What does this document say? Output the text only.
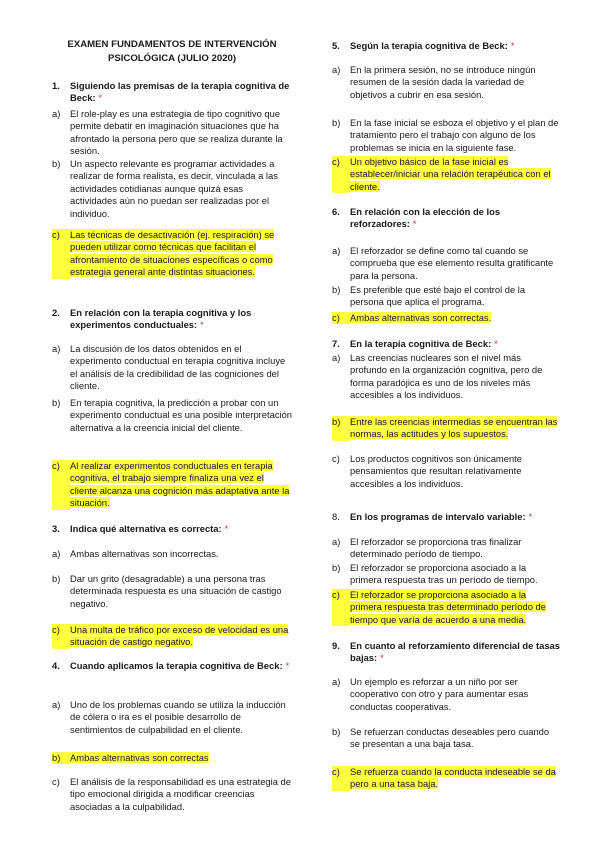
EXAMEN FUNDAMENTOS DE INTERVENCIÓN
PSICOLÓGICA (JULIO 2020)
1.	Siguiendo las premisas de la terapia cognitiva de Beck: *
a)	El role-play es una estrategia de tipo cognitivo que permite debatir en imaginación situaciones que ha afrontado la persona pero que se realiza durante la sesión.
b)	Un aspecto relevante es programar actividades a realizar de forma realista, es decir, vinculada a las actividades cotidianas aunque quizá esas actividades aún no puedan ser realizadas por el individuo.
c)	Las técnicas de desactivación (ej. respiración) se pueden utilizar como técnicas que facilitan el afrontamiento de situaciones específicas o como estrategia general ante distintas situaciones.
2.	En relación con la terapia cognitiva y los experimentos conductuales: *
a)	La discusión de los datos obtenidos en el experimento conductual en terapia cognitiva incluye el análisis de la credibilidad de las cogniciones del cliente.
b)	En terapia cognitiva, la predicción a probar con un experimento conductual es una posible interpretación alternativa a la creencia inicial del cliente.
c)	Al realizar experimentos conductuales en terapia cognitiva, el trabajo siempre finaliza una vez el cliente alcanza una cognición más adaptativa ante la situación.
3.	Indica qué alternativa es correcta: *
a)	Ambas alternativas son incorrectas.
b)	Dar un grito (desagradable) a una persona tras determinada respuesta es una situación de castigo negativo.
c)	Una multa de tráfico por exceso de velocidad es una situación de castigo negativo.
4.	Cuando aplicamos la terapia cognitiva de Beck: *
a)	Uno de los problemas cuando se utiliza la inducción de cólera o ira es el posible desarrollo de sentimientos de culpabilidad en el cliente.
b)	Ambas alternativas son correctas
c)	El análisis de la responsabilidad es una estrategia de tipo emocional dirigida a modificar creencias asociadas a la culpabilidad.
5.	Según la terapia cognitiva de Beck: *
a)	En la primera sesión, no se introduce ningún resumen de la sesión dada la variedad de objetivos a cubrir en esa sesión.
b)	En la fase inicial se esboza el objetivo y el plan de tratamiento pero el trabajo con alguno de los problemas se inicia en la siguiente fase.
c)	Un objetivo básico de la fase inicial es establecer/iniciar una relación terapéutica con el cliente.
6.	En relación con la elección de los reforzadores: *
a)	El reforzador se define como tal cuando se comprueba que ese elemento resulta gratificante para la persona.
b)	Es preferible que esté bajo el control de la persona que aplica el programa.
c)	Ambas alternativas son correctas.
7.	En la terapia cognitiva de Beck: *
a)	Las creencias nucleares son el nivel más profundo en la organización cognitiva, pero de forma paradójica es uno de los niveles más accesibles a los individuos.
b)	Entre las creencias intermedias se encuentran las normas, las actitudes y los supuestos.
c)	Los productos cognitivos son únicamente pensamientos que resultan relativamente accesibles a los individuos.
8.	En los programas de intervalo variable: *
a)	El reforzador se proporciona tras finalizar determinado período de tiempo.
b)	El reforzador se proporciona asociado a la primera respuesta tras un período de tiempo.
c)	El reforzador se proporciona asociado a la primera respuesta tras determinado período de tiempo que varía de acuerdo a una media.
9.	En cuanto al reforzamiento diferencial de tasas bajas: *
a)	Un ejemplo es reforzar a un niño por ser cooperativo con otro y para aumentar esas conductas cooperativas.
b)	Se refuerzan conductas deseables pero cuando se presentan a una baja tasa.
c)	Se refuerza cuando la conducta indeseable se da pero a una tasa baja.
